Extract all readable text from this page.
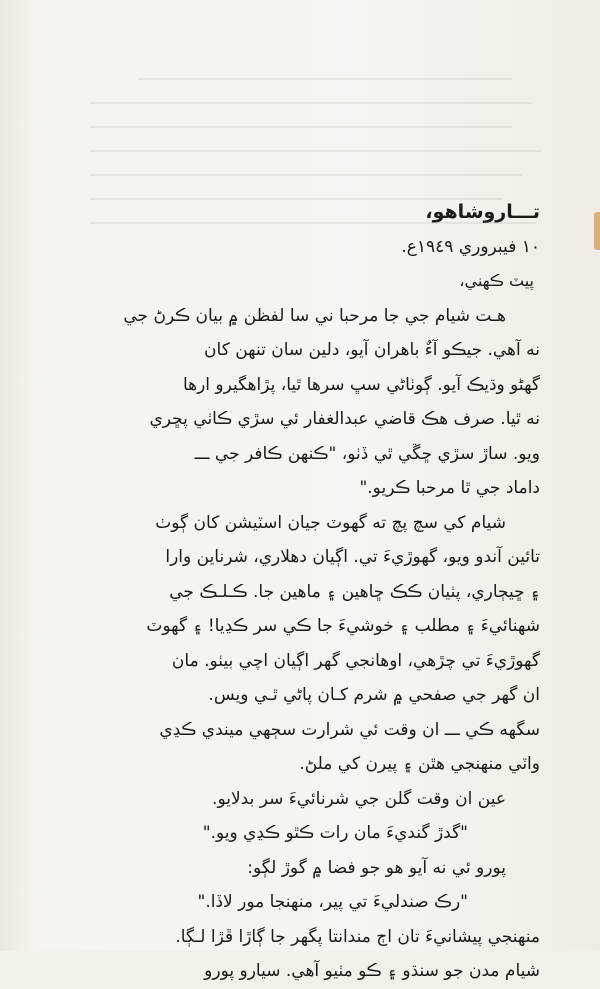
تـــاروشاهو،
١٠ فيبروري ١٩٤٩ع.
پيٽ ڪهني،
هـت شيام جي جا مرحبا ني سا لفظن ۾ بيان ڪرڻ جي
نه آهي. جيڪو آءٌ باهران آيو، دلين سان تنهن کان
گهڻو وڌيڪ آيو. ڳوٺاڻي سڀ سرها ٿيا، پڙاهگيرو ارها
نه ٿيا. صرف هڪ قاضي عبدالغفار ئي سڙي ڪاٺي پڇري
ويو. ساڙ سڙي ڇڱي ٿي ڏٺو، "ڪنهن ڪافر جي ـــ
داماد جي ٿا مرحبا ڪريو."
شيام کي سچ پچ ته گهوٽ جيان اسٽيشن کان ڳوٺ
تائين آندو ويو، گهوڙيءَ تي. اڳيان دهلاري، شرناين وارا
۽ ڇيڄاري، پٺيان ڪڪ ڇاهين ۽ ماهين جا. ڪـلـڪ جي
شهنائيءَ ۽ مطلب ۽ خوشيءَ جا ڪي سر ڪڍيا! ۽ گهوٽ
گهوڙيءَ تي چڙهي، اوهانجي گهر اڳيان اچي بيٺو. مان
ان گهر جي صفحي ۾ شرم کـان پاڻي ٿـي ويس.
سگهه ڪي ـــ ان وقت ئي شرارت سڄهي ميندي ڪڍي
واٽي منهنجي هٿن ۽ پيرن کي ملڻ.
عين ان وقت گلن جي شرنائيءَ سر بدلايو.
"گدڙ گنديءَ مان رات ڪٿو ڪڍي ويو."
پورو ئي نه آيو هو جو فضا ۾ گوڙ لڳو:
"رڪ صندليءَ تي پير، منهنجا مور لاڏا."
منهنجي پيشانيءَ تان اڄ مندانتا پگهر جا ڳاڙا ڦڙا لـڳا.
شيام مدن جو سنڌو ۽ ڪو مٺيو آهي. سيارو پورو
